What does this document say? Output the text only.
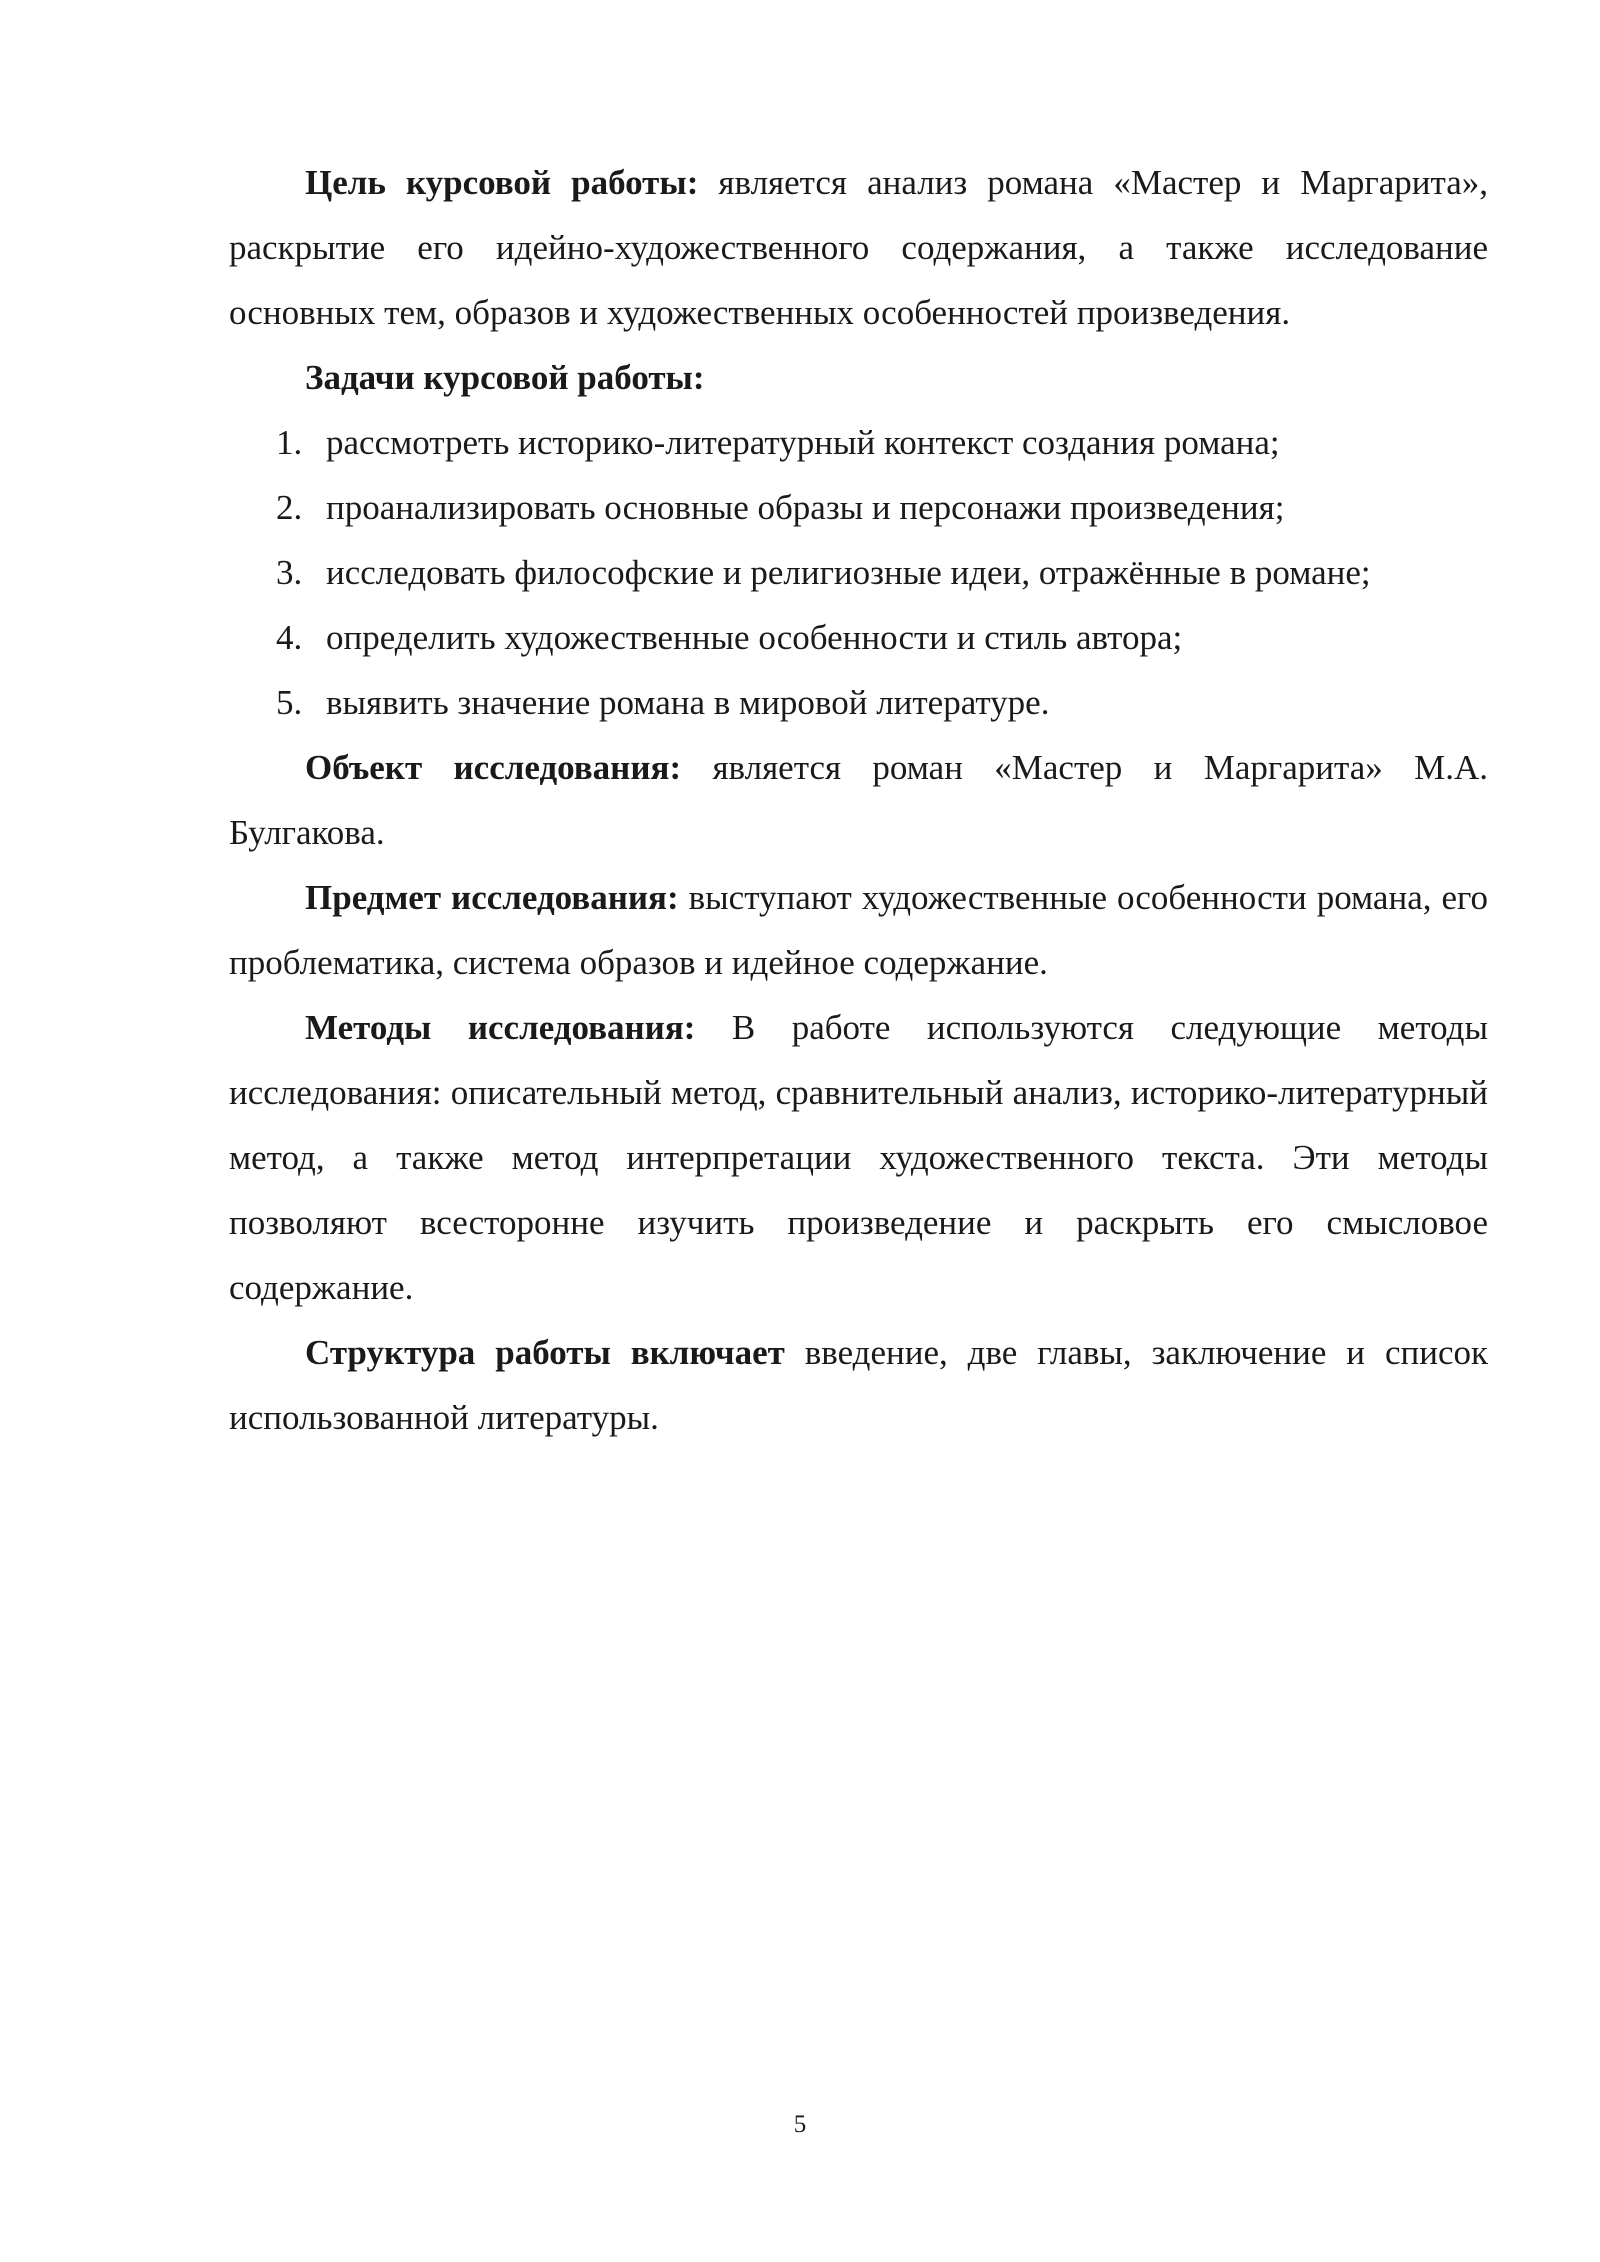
Цель курсовой работы: является анализ романа «Мастер и Маргарита», раскрытие его идейно-художественного содержания, а также исследование основных тем, образов и художественных особенностей произведения.

Задачи курсовой работы:

1. рассмотреть историко-литературный контекст создания романа;
2. проанализировать основные образы и персонажи произведения;
3. исследовать философские и религиозные идеи, отражённые в романе;
4. определить художественные особенности и стиль автора;
5. выявить значение романа в мировой литературе.

Объект исследования: является роман «Мастер и Маргарита» М.А. Булгакова.

Предмет исследования: выступают художественные особенности романа, его проблематика, система образов и идейное содержание.

Методы исследования: В работе используются следующие методы исследования: описательный метод, сравнительный анализ, историко-литературный метод, а также метод интерпретации художественного текста. Эти методы позволяют всесторонне изучить произведение и раскрыть его смысловое содержание.

Структура работы включает введение, две главы, заключение и список использованной литературы.

5
